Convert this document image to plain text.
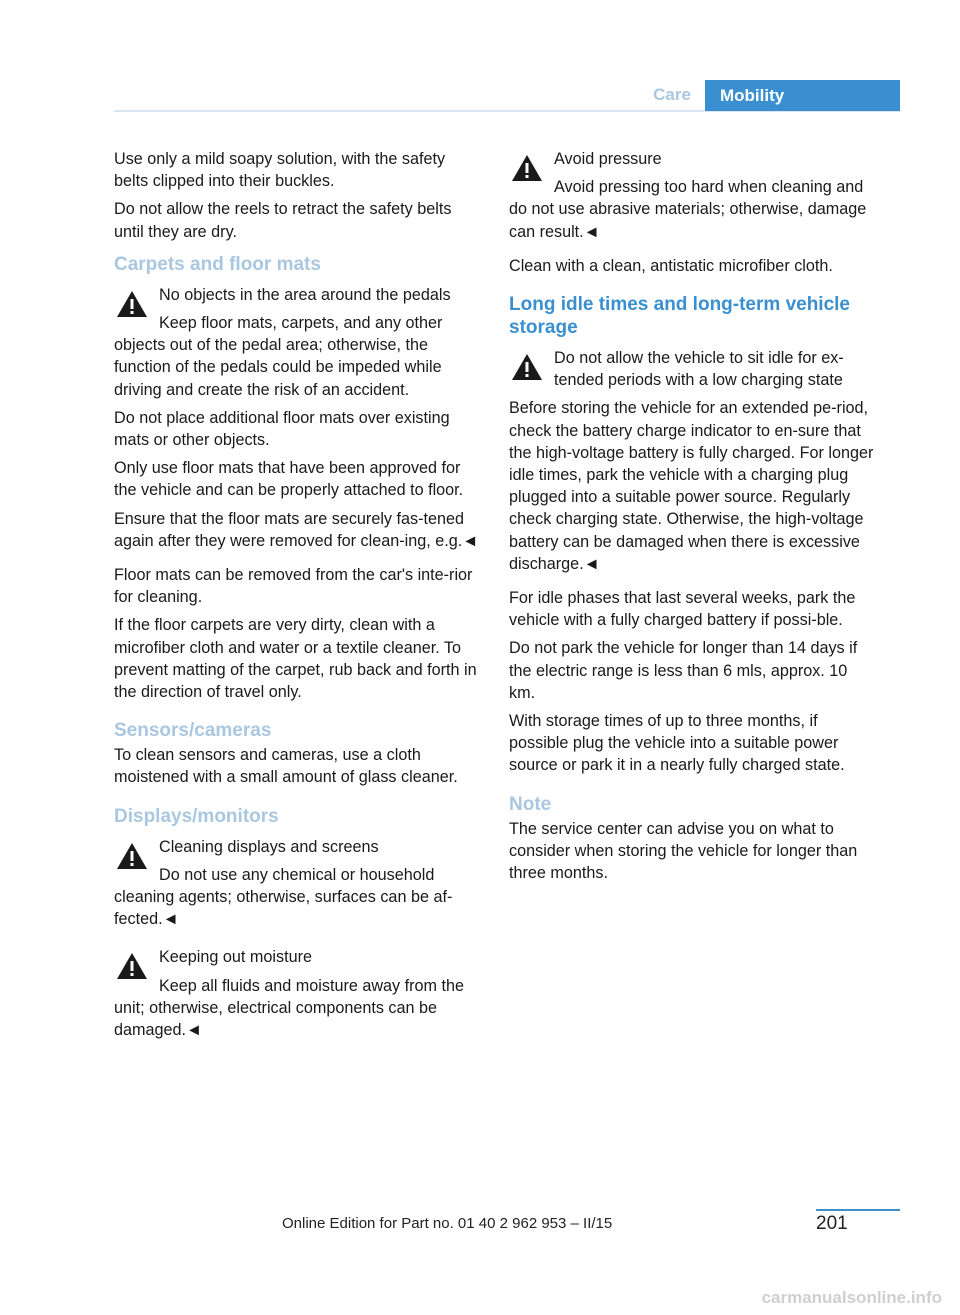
Care	Mobility

Use only a mild soapy solution, with the safety belts clipped into their buckles.

Do not allow the reels to retract the safety belts until they are dry.

Carpets and floor mats

No objects in the area around the pedals

Keep floor mats, carpets, and any other objects out of the pedal area; otherwise, the function of the pedals could be impeded while driving and create the risk of an accident.

Do not place additional floor mats over existing mats or other objects.

Only use floor mats that have been approved for the vehicle and can be properly attached to floor.

Ensure that the floor mats are securely fas‐tened again after they were removed for clean‐ing, e.g.◄

Floor mats can be removed from the car's inte‐rior for cleaning.

If the floor carpets are very dirty, clean with a microfiber cloth and water or a textile cleaner. To prevent matting of the carpet, rub back and forth in the direction of travel only.

Sensors/cameras

To clean sensors and cameras, use a cloth moistened with a small amount of glass cleaner.

Displays/monitors

Cleaning displays and screens

Do not use any chemical or household cleaning agents; otherwise, surfaces can be af‐fected.◄

Keeping out moisture

Keep all fluids and moisture away from the unit; otherwise, electrical components can be damaged.◄

Avoid pressure

Avoid pressing too hard when cleaning and do not use abrasive materials; otherwise, damage can result.◄

Clean with a clean, antistatic microfiber cloth.

Long idle times and long-term vehicle storage

Do not allow the vehicle to sit idle for ex‐tended periods with a low charging state

Before storing the vehicle for an extended pe‐riod, check the battery charge indicator to en‐sure that the high-voltage battery is fully charged. For longer idle times, park the vehicle with a charging plug plugged into a suitable power source. Regularly check charging state. Otherwise, the high-voltage battery can be damaged when there is excessive discharge.◄

For idle phases that last several weeks, park the vehicle with a fully charged battery if possi‐ble.

Do not park the vehicle for longer than 14 days if the electric range is less than 6 mls, approx. 10 km.

With storage times of up to three months, if possible plug the vehicle into a suitable power source or park it in a nearly fully charged state.

Note

The service center can advise you on what to consider when storing the vehicle for longer than three months.

Online Edition for Part no. 01 40 2 962 953 – II/15	201
carmanualsonline.info
